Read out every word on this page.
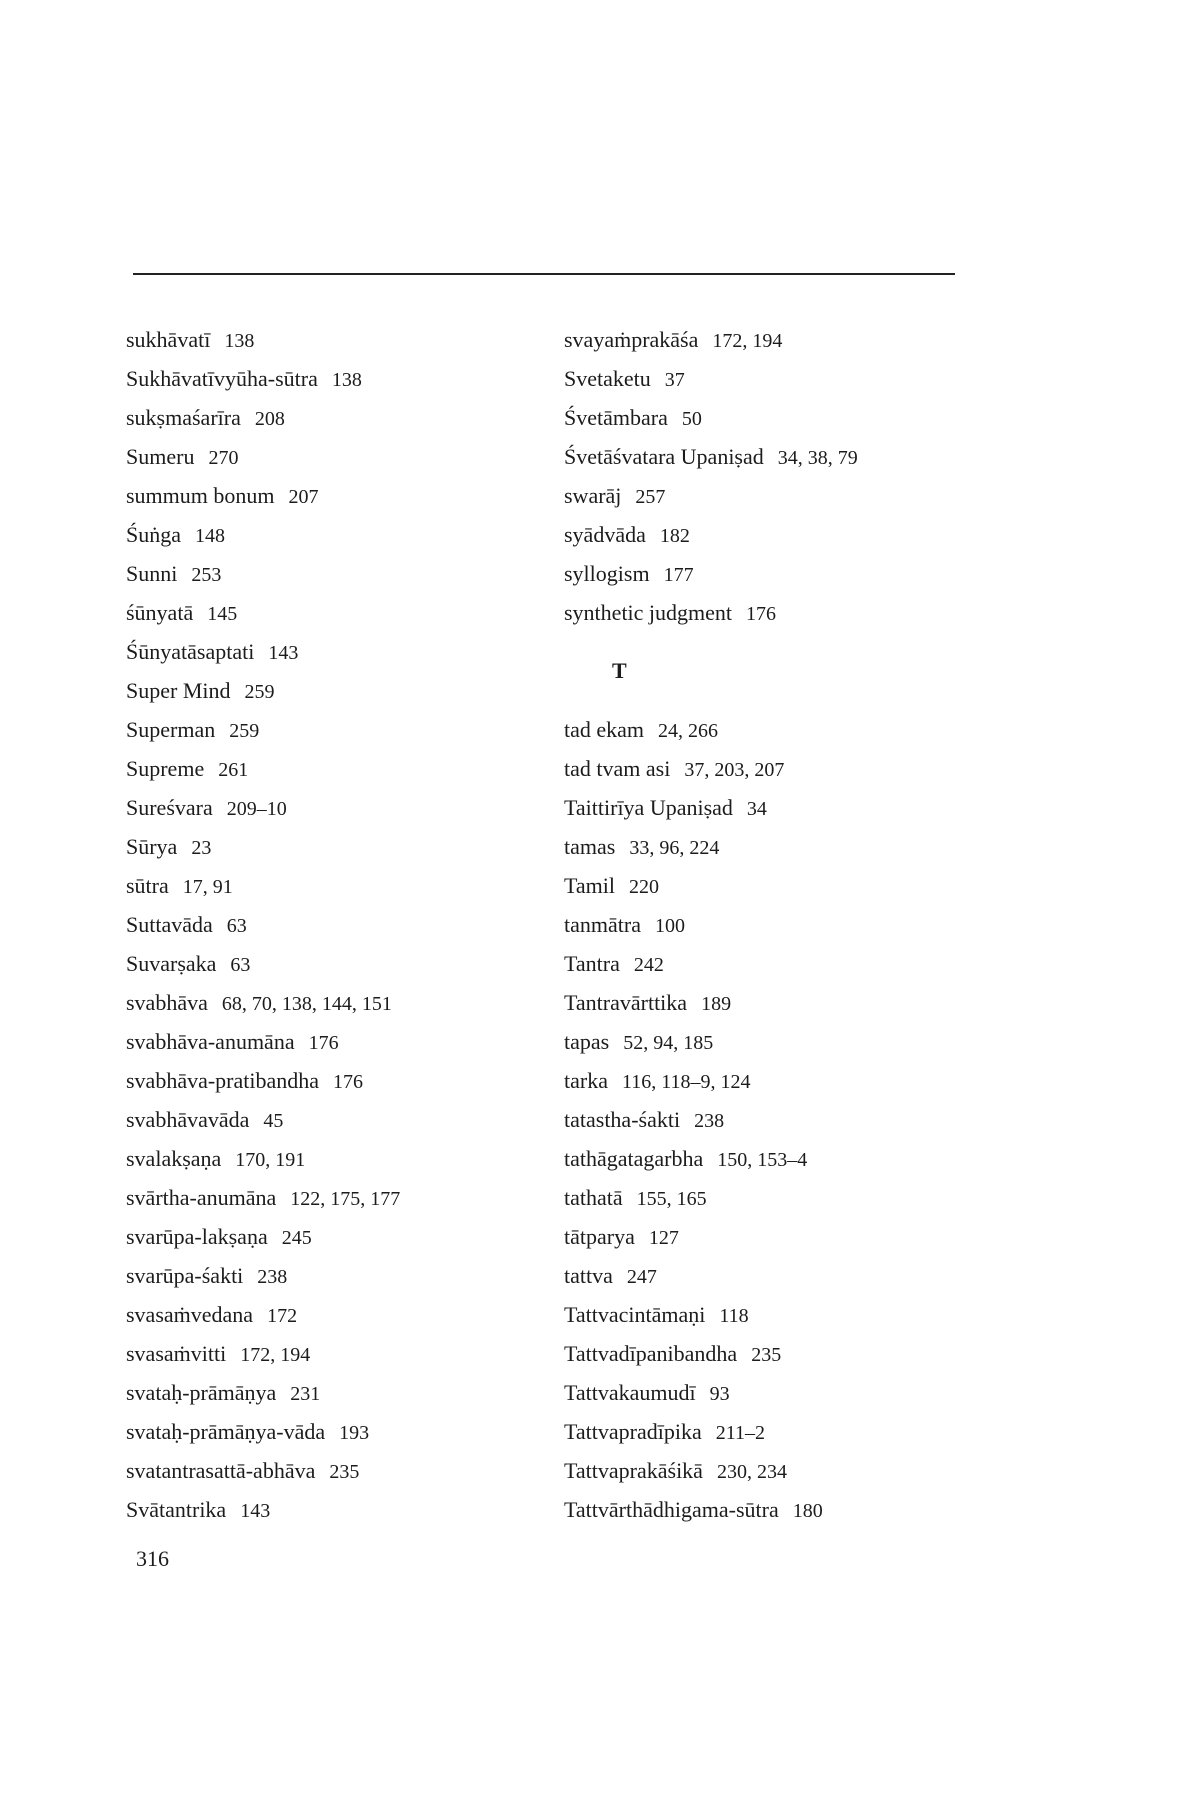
sukhāvatī 138
Sukhāvatīvyūha-sūtra 138
sukṣmaśarīra 208
Sumeru 270
summum bonum 207
Śuṅga 148
Sunni 253
śūnyatā 145
Śūnyatāsaptati 143
Super Mind 259
Superman 259
Supreme 261
Sureśvara 209–10
Sūrya 23
sūtra 17, 91
Suttavāda 63
Suvarṣaka 63
svabhāva 68, 70, 138, 144, 151
svabhāva-anumāna 176
svabhāva-pratibandha 176
svabhāvavāda 45
svalakṣaṇa 170, 191
svārtha-anumāna 122, 175, 177
svarūpa-lakṣaṇa 245
svarūpa-śakti 238
svasaṁvedana 172
svasaṁvitti 172, 194
svataḥ-prāmāṇya 231
svataḥ-prāmāṇya-vāda 193
svatantrasattā-abhāva 235
Svātantrika 143
svayaṁprakāśa 172, 194
Svetaketu 37
Śvetāmbara 50
Śvetāśvatara Upaniṣad 34, 38, 79
swarāj 257
syādvāda 182
syllogism 177
synthetic judgment 176
T
tad ekam 24, 266
tad tvam asi 37, 203, 207
Taittirīya Upaniṣad 34
tamas 33, 96, 224
Tamil 220
tanmātra 100
Tantra 242
Tantravārttika 189
tapas 52, 94, 185
tarka 116, 118–9, 124
tatastha-śakti 238
tathāgatagarbha 150, 153–4
tathatā 155, 165
tātparya 127
tattva 247
Tattvacintāmaṇi 118
Tattvadīpanibandha 235
Tattvakaumudī 93
Tattvapradīpika 211–2
Tattvaprakāśikā 230, 234
Tattvārthādhigama-sūtra 180
316
